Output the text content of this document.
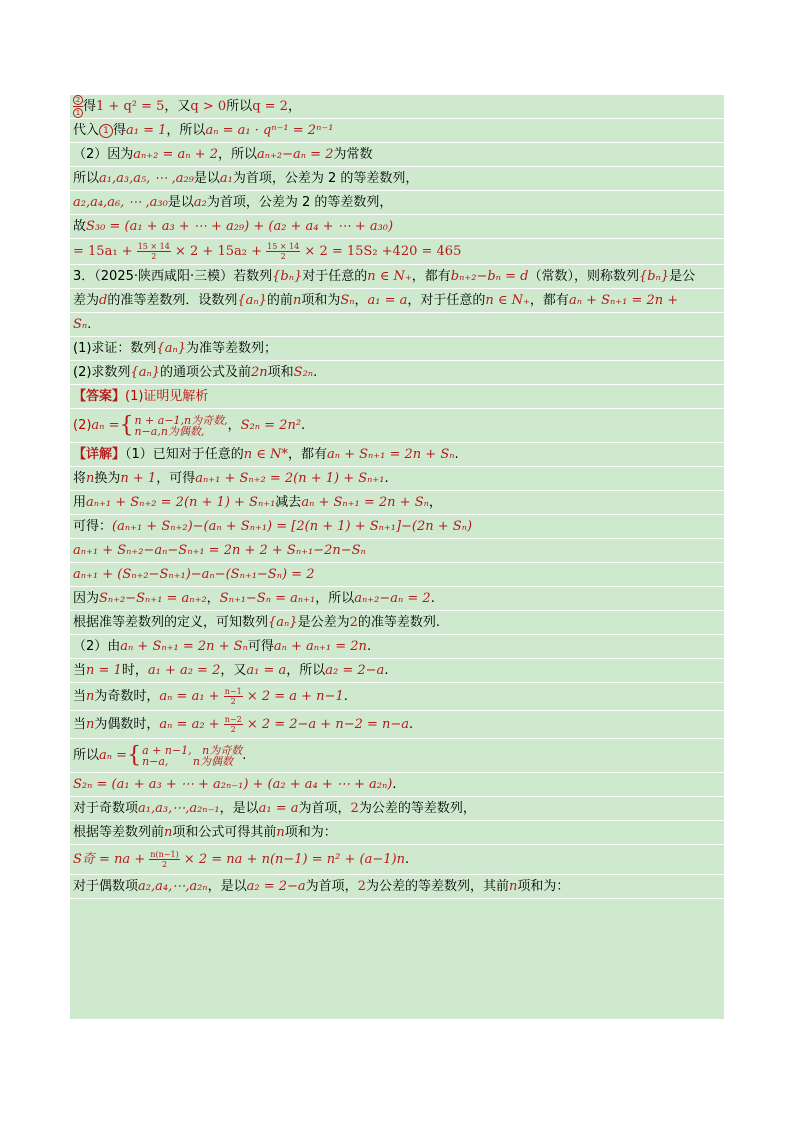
$\frac{2}{1}$ 得1 + q² = 5，又q > 0所以q = 2，
代入 1 得a₁ = 1，所以aₙ = a₁ · qⁿ⁻¹ = 2ⁿ⁻¹
（2）因为aₙ₊₂ = aₙ + 2，所以aₙ₊₂−aₙ = 2为常数
所以a₁,a₃,a₅, ⋯ ,a₂₉是以a₁为首项，公差为 2 的等差数列，
a₂,a₄,a₆, ⋯ ,a₃₀是以a₂为首项，公差为 2 的等差数列，
故S₃₀ = (a₁ + a₃ + ⋯ + a₂₉) + (a₂ + a₄ + ⋯ + a₃₀)
= $15a_1 + \frac{15 \times 14}{2} \times 2 + 15a_2 + \frac{15 \times 14}{2} \times 2 = 15S_2 +420 = 465$
3．（2025·陕西咸阳·三模）若数列{bₙ}对于任意的n ∈ N₊，都有bₙ₊₂−bₙ = d（常数），则称数列{bₙ}是公
差为d的准等差数列．设数列{aₙ}的前n项和为Sₙ，a₁ = a，对于任意的n ∈ N₊，都有aₙ + Sₙ₊₁ = 2n +
Sₙ.
(1)求证：数列{aₙ}为准等差数列；
(2)求数列{aₙ}的通项公式及前2n项和S₂ₙ.
【答案】(1)证明见解析
(2)aₙ ={ n + a−1,n为奇数,
n−a,n为偶数,	，S₂ₙ = 2n².
【详解】（1）已知对于任意的n ∈ N*，都有aₙ + Sₙ₊₁ = 2n + Sₙ.
将n换为n + 1，可得aₙ₊₁ + Sₙ₊₂ = 2(n + 1) + Sₙ₊₁.
用aₙ₊₁ + Sₙ₊₂ = 2(n + 1) + Sₙ₊₁减去aₙ + Sₙ₊₁ = 2n + Sₙ，
可得：(aₙ₊₁ + Sₙ₊₂)−(aₙ + Sₙ₊₁) = [2(n + 1) + Sₙ₊₁]−(2n + Sₙ)
aₙ₊₁ + Sₙ₊₂−aₙ−Sₙ₊₁ = 2n + 2 + Sₙ₊₁−2n−Sₙ
aₙ₊₁ + (Sₙ₊₂−Sₙ₊₁)−aₙ−(Sₙ₊₁−Sₙ) = 2
因为Sₙ₊₂−Sₙ₊₁ = aₙ₊₂，Sₙ₊₁−Sₙ = aₙ₊₁，所以aₙ₊₂−aₙ = 2.
根据准等差数列的定义，可知数列{aₙ}是公差为2的准等差数列.
（2）由aₙ + Sₙ₊₁ = 2n + Sₙ可得aₙ + aₙ₊₁ = 2n.
当n = 1时，a₁ + a₂ = 2，又a₁ = a，所以a₂ = 2−a.
当n为奇数时，$a_n = a_1 + \frac{n-1}{2} \times 2 = a + n-1$.
当n为偶数时，$a_n = a_2 + \frac{n-2}{2} \times 2 = 2-a + n-2 = n-a$.
所以aₙ ={ a + n−1,   n为奇数
n−a,       n为偶数 .
S₂ₙ = (a₁ + a₃ + ⋯ + a₂ₙ₋₁) + (a₂ + a₄ + ⋯ + a₂ₙ).
对于奇数项a₁,a₃,⋯,a₂ₙ₋₁，是以a₁ = a为首项，2为公差的等差数列，
根据等差数列前n项和公式可得其前n项和为：
S奇 = na + $\frac{n(n-1)}{2} \times 2$ = na + n(n−1) = n² + (a−1)n.
对于偶数项a₂,a₄,⋯,a₂ₙ，是以a₂ = 2−a为首项，2为公差的等差数列，其前n项和为：
